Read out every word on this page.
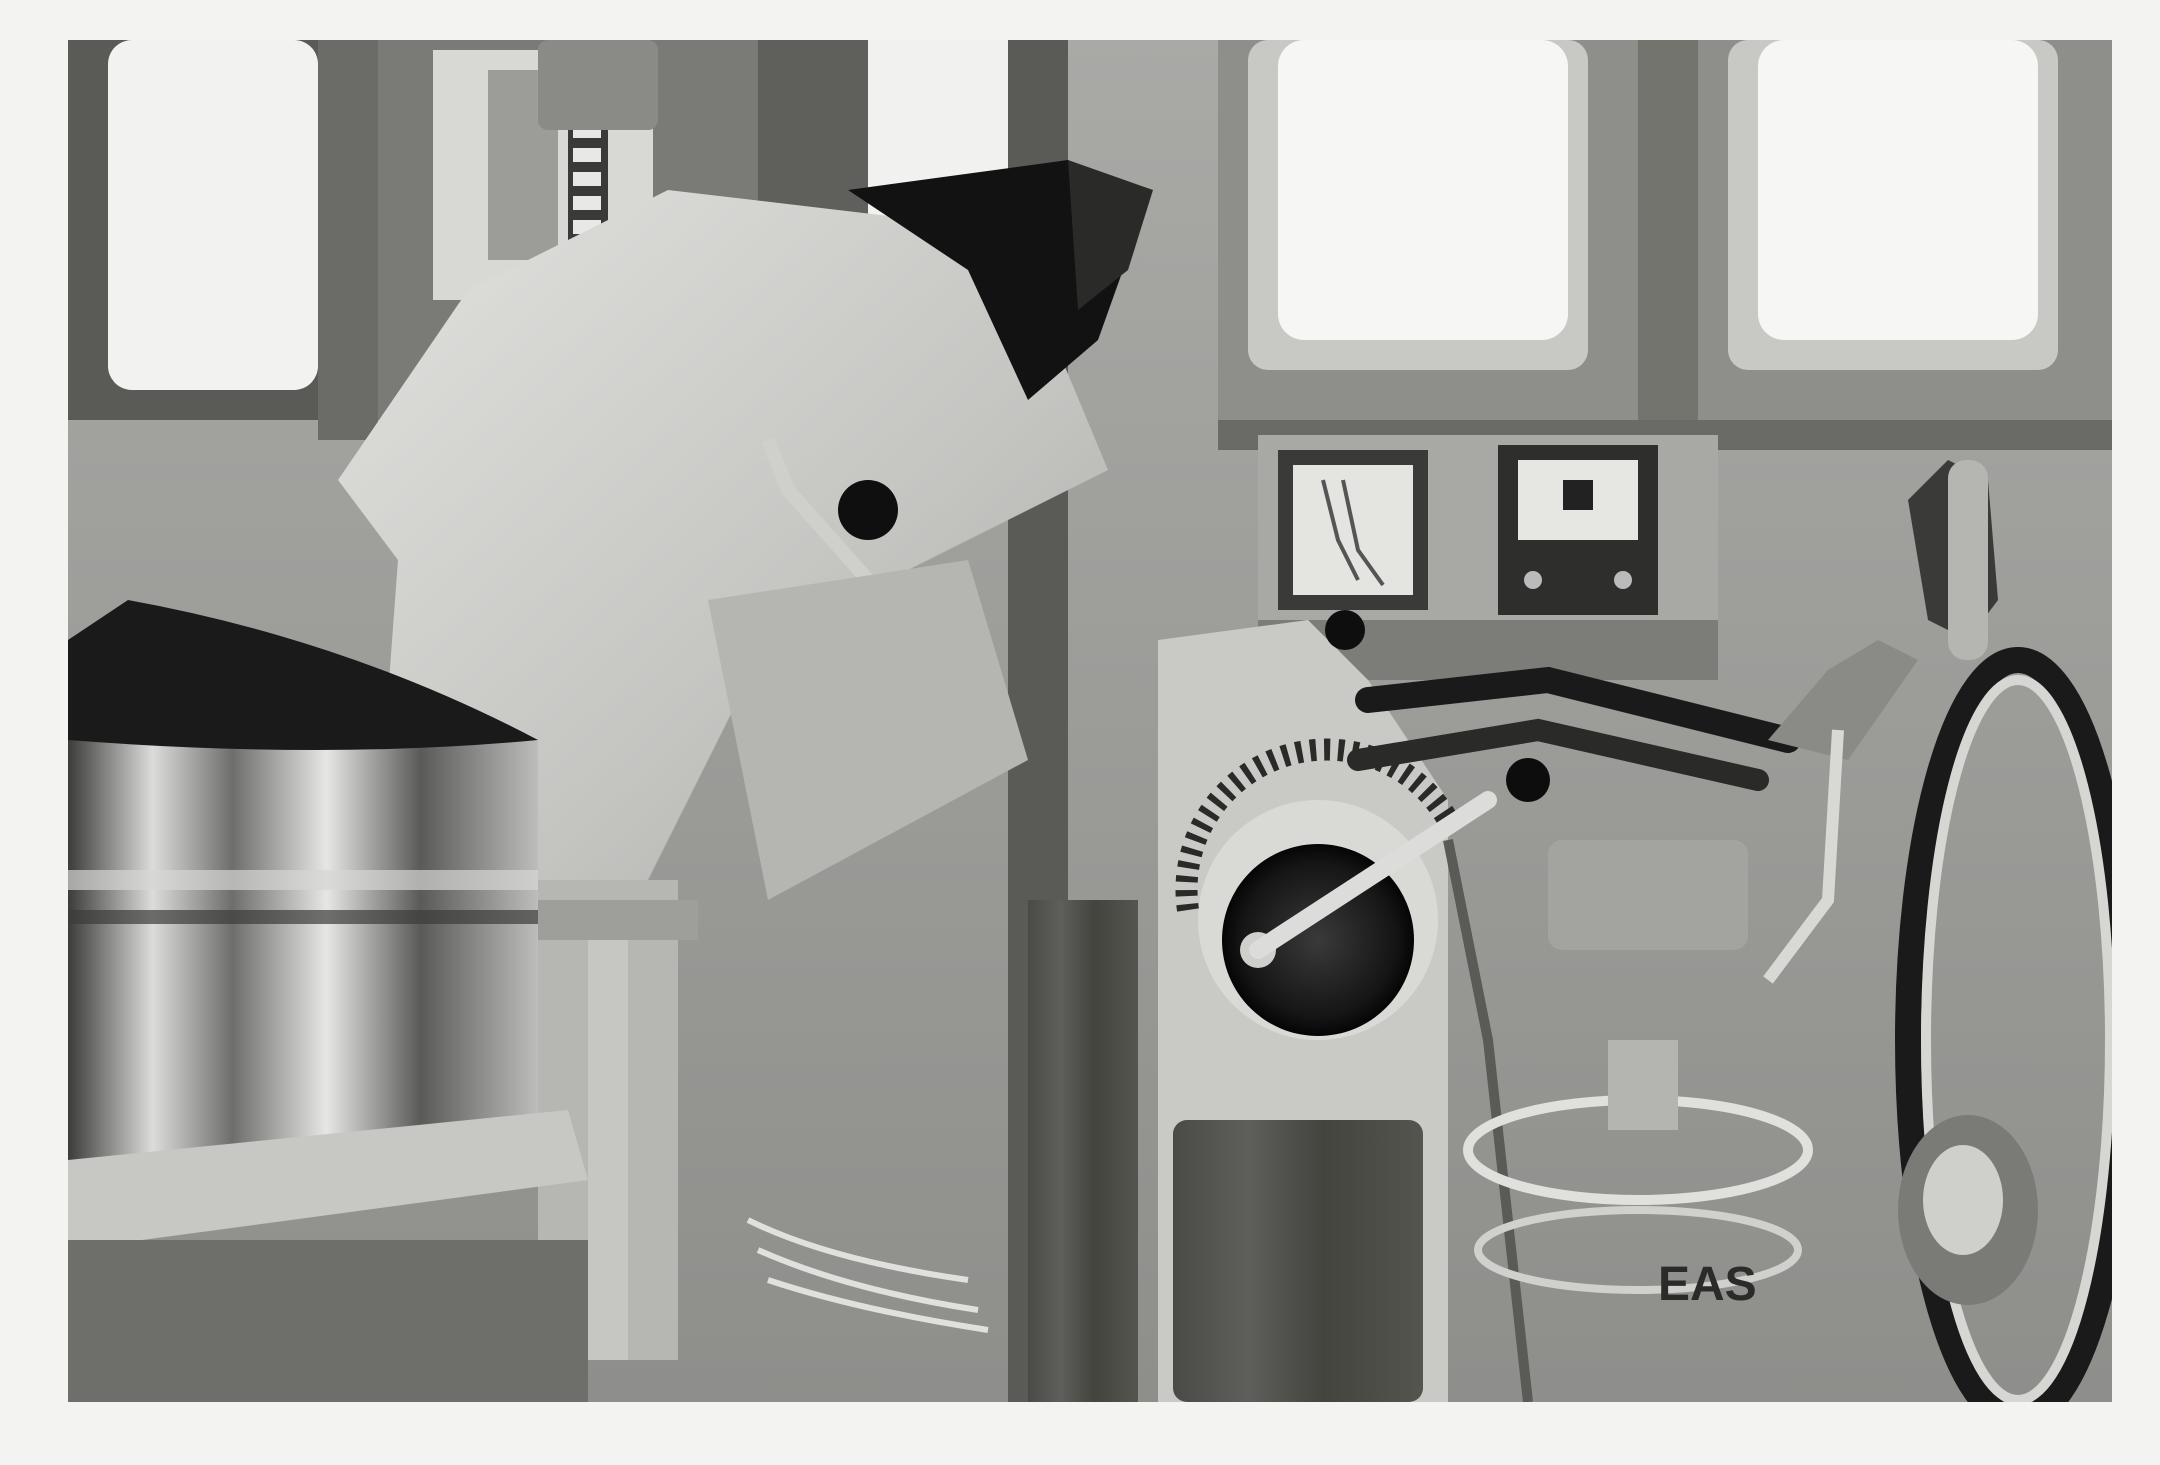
EAS
